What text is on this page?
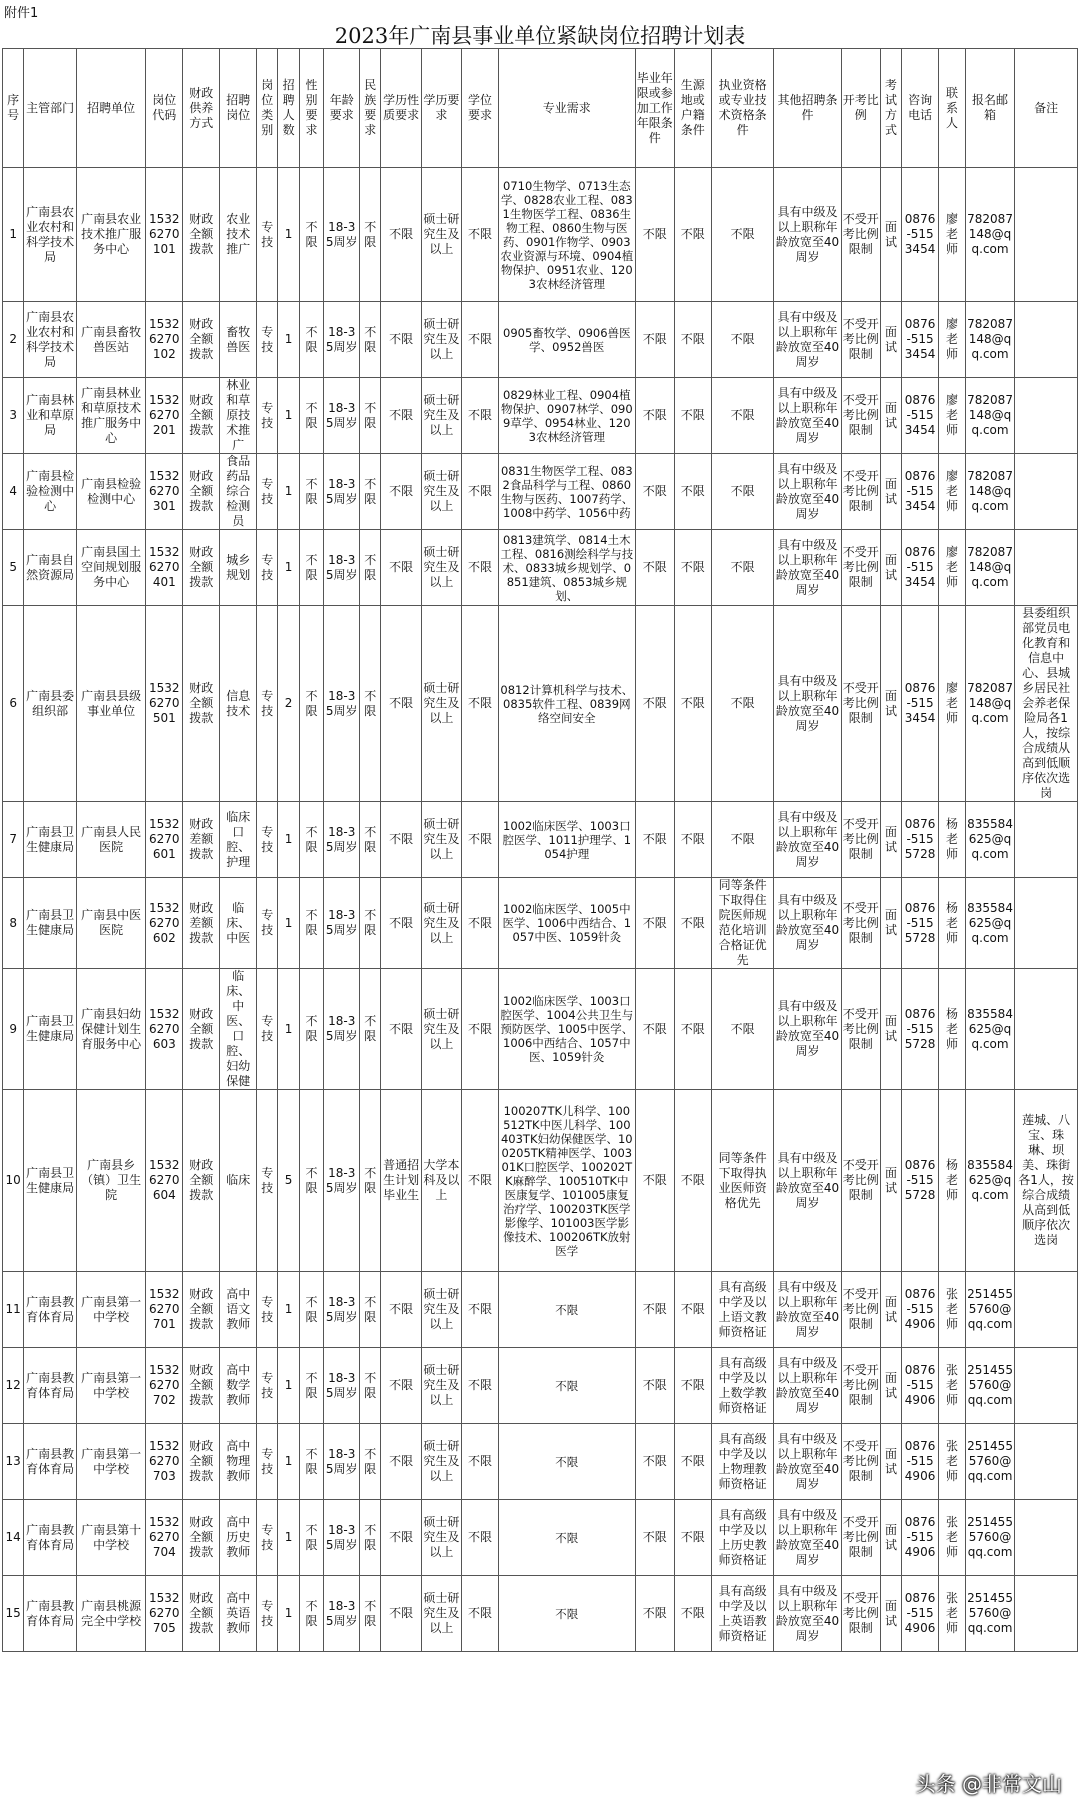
附件1
2023年广南县事业单位紧缺岗位招聘计划表
序号	主管部门	招聘单位	岗位代码	财政供养方式	招聘岗位	岗位类别	招聘人数	性别要求	年龄要求	民族要求	学历性质要求	学历要求	学位要求	专业需求	毕业年限或参加工作年限条件	生源地或户籍条件	执业资格或专业技术资格条件	其他招聘条件	开考比例	考试方式	咨询电话	联系人	报名邮箱	备注
1	广南县农业农村和科学技术局	广南县农业技术推广服务中心	1532 6270 101	财政全额拨款	农业技术推广	专技	1	不限	18-35周岁	不限	不限	硕士研究生及以上	不限	0710生物学、0713生态学、0828农业工程、0831生物医学工程、0836生物工程、0860生物与医药、0901作物学、0903农业资源与环境、0904植物保护、0951农业、1203农林经济管理	不限	不限	不限	具有中级及以上职称年龄放宽至40周岁	不受开考比例限制	面试	0876-5153454	廖老师	782087148@qq.com	
2	广南县农业农村和科学技术局	广南县畜牧兽医站	1532 6270 102	财政全额拨款	畜牧兽医	专技	1	不限	18-35周岁	不限	不限	硕士研究生及以上	不限	0905畜牧学、0906兽医学、0952兽医	不限	不限	不限	具有中级及以上职称年龄放宽至40周岁	不受开考比例限制	面试	0876-5153454	廖老师	782087148@qq.com	
3	广南县林业和草原局	广南县林业和草原技术推广服务中心	1532 6270 201	财政全额拨款	林业和草原技术推广	专技	1	不限	18-35周岁	不限	不限	硕士研究生及以上	不限	0829林业工程、0904植物保护、0907林学、0909草学、0954林业、1203农林经济管理	不限	不限	不限	具有中级及以上职称年龄放宽至40周岁	不受开考比例限制	面试	0876-5153454	廖老师	782087148@qq.com	
4	广南县检验检测中心	广南县检验检测中心	1532 6270 301	财政全额拨款	食品药品综合检测员	专技	1	不限	18-35周岁	不限	不限	硕士研究生及以上	不限	0831生物医学工程、0832食品科学与工程、0860生物与医药、1007药学、1008中药学、1056中药	不限	不限	不限	具有中级及以上职称年龄放宽至40周岁	不受开考比例限制	面试	0876-5153454	廖老师	782087148@qq.com	
5	广南县自然资源局	广南县国土空间规划服务中心	1532 6270 401	财政全额拨款	城乡规划	专技	1	不限	18-35周岁	不限	不限	硕士研究生及以上	不限	0813建筑学、0814土木工程、0816测绘科学与技术、0833城乡规划学、0851建筑、0853城乡规划、	不限	不限	不限	具有中级及以上职称年龄放宽至40周岁	不受开考比例限制	面试	0876-5153454	廖老师	782087148@qq.com	
6	广南县委组织部	广南县县级事业单位	1532 6270 501	财政全额拨款	信息技术	专技	2	不限	18-35周岁	不限	不限	硕士研究生及以上	不限	0812计算机科学与技术、0835软件工程、0839网络空间安全	不限	不限	不限	具有中级及以上职称年龄放宽至40周岁	不受开考比例限制	面试	0876-5153454	廖老师	782087148@qq.com	县委组织部党员电化教育和信息中心、县城乡居民社会养老保险局各1人，按综合成绩从高到低顺序依次选岗
7	广南县卫生健康局	广南县人民医院	1532 6270 601	财政差额拨款	临床口腔、护理	专技	1	不限	18-35周岁	不限	不限	硕士研究生及以上	不限	1002临床医学、1003口腔医学、1011护理学、1054护理	不限	不限	不限	具有中级及以上职称年龄放宽至40周岁	不受开考比例限制	面试	0876-5155728	杨老师	835584625@qq.com	
8	广南县卫生健康局	广南县中医医院	1532 6270 602	财政差额拨款	临床、中医	专技	1	不限	18-35周岁	不限	不限	硕士研究生及以上	不限	1002临床医学、1005中医学、1006中西结合、1057中医、1059针灸	不限	不限	同等条件下取得住院医师规范化培训合格证优先	具有中级及以上职称年龄放宽至40周岁	不受开考比例限制	面试	0876-5155728	杨老师	835584625@qq.com	
9	广南县卫生健康局	广南县妇幼保健计划生育服务中心	1532 6270 603	财政全额拨款	临床、中医、口腔、妇幼保健	专技	1	不限	18-35周岁	不限	不限	硕士研究生及以上	不限	1002临床医学、1003口腔医学、1004公共卫生与预防医学、1005中医学、1006中西结合、1057中医、1059针灸	不限	不限	不限	具有中级及以上职称年龄放宽至40周岁	不受开考比例限制	面试	0876-5155728	杨老师	835584625@qq.com	
10	广南县卫生健康局	广南县乡（镇）卫生院	1532 6270 604	财政全额拨款	临床	专技	5	不限	18-35周岁	不限	普通招生计划毕业生	大学本科及以上	不限	100207TK儿科学、100512TK中医儿科学、100403TK妇幼保健医学、100205TK精神医学、100301K口腔医学、100202TK麻醉学、100510TK中医康复学、101005康复治疗学、100203TK医学影像学、101003医学影像技术、100206TK放射医学	不限	不限	同等条件下取得执业医师资格优先	具有中级及以上职称年龄放宽至40周岁	不受开考比例限制	面试	0876-5155728	杨老师	835584625@qq.com	莲城、八宝、珠琳、坝美、珠街各1人，按综合成绩从高到低顺序依次选岗
11	广南县教育体育局	广南县第一中学校	1532 6270 701	财政全额拨款	高中语文教师	专技	1	不限	18-35周岁	不限	不限	硕士研究生及以上	不限	不限	不限	不限	具有高级中学及以上语文教师资格证	具有中级及以上职称年龄放宽至40周岁	不受开考比例限制	面试	0876-5154906	张老师	2514555760@qq.com	
12	广南县教育体育局	广南县第一中学校	1532 6270 702	财政全额拨款	高中数学教师	专技	1	不限	18-35周岁	不限	不限	硕士研究生及以上	不限	不限	不限	不限	具有高级中学及以上数学教师资格证	具有中级及以上职称年龄放宽至40周岁	不受开考比例限制	面试	0876-5154906	张老师	2514555760@qq.com	
13	广南县教育体育局	广南县第一中学校	1532 6270 703	财政全额拨款	高中物理教师	专技	1	不限	18-35周岁	不限	不限	硕士研究生及以上	不限	不限	不限	不限	具有高级中学及以上物理教师资格证	具有中级及以上职称年龄放宽至40周岁	不受开考比例限制	面试	0876-5154906	张老师	2514555760@qq.com	
14	广南县教育体育局	广南县第十中学校	1532 6270 704	财政全额拨款	高中历史教师	专技	1	不限	18-35周岁	不限	不限	硕士研究生及以上	不限	不限	不限	不限	具有高级中学及以上历史教师资格证	具有中级及以上职称年龄放宽至40周岁	不受开考比例限制	面试	0876-5154906	张老师	2514555760@qq.com	
15	广南县教育体育局	广南县桃源完全中学校	1532 6270 705	财政全额拨款	高中英语教师	专技	1	不限	18-35周岁	不限	不限	硕士研究生及以上	不限	不限	不限	不限	具有高级中学及以上英语教师资格证	具有中级及以上职称年龄放宽至40周岁	不受开考比例限制	面试	0876-5154906	张老师	2514555760@qq.com	
头条 @非常文山
